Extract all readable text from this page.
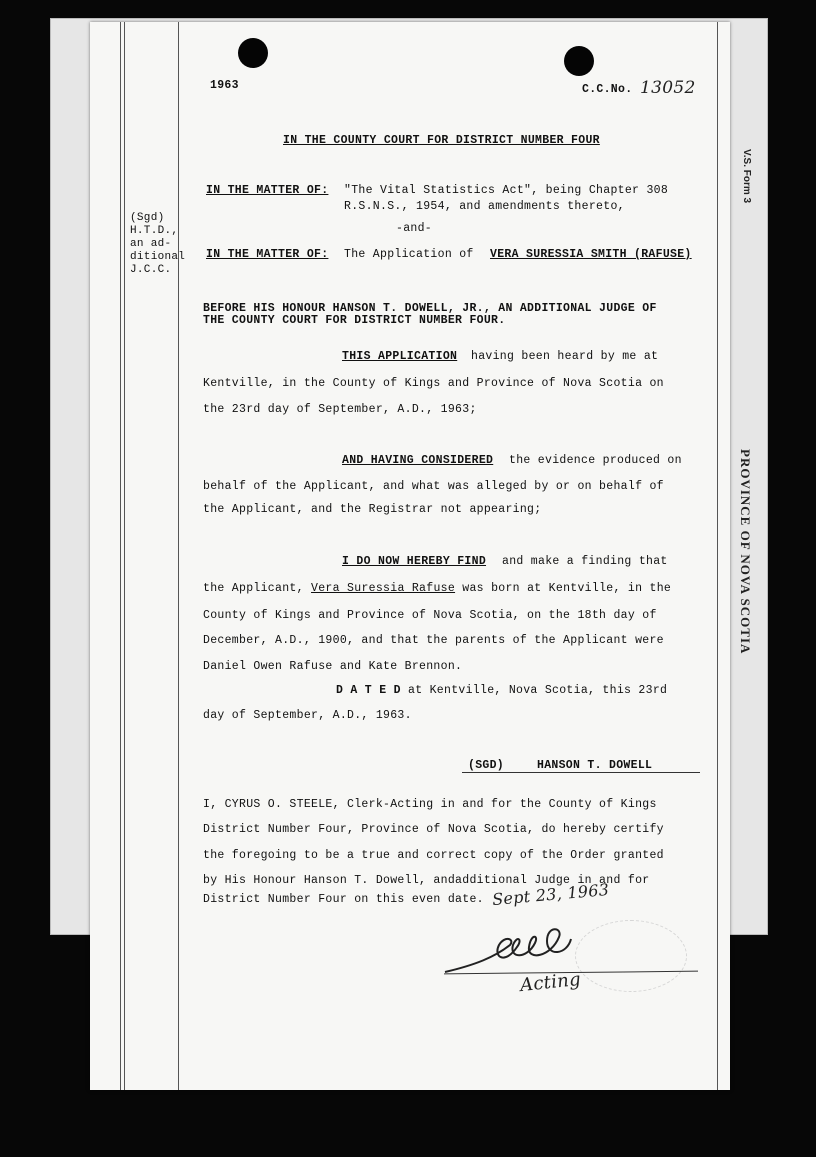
V.S. Form 3
PROVINCE OF NOVA SCOTIA
1963	C.C.No. 13052
IN THE COUNTY COURT FOR DISTRICT NUMBER FOUR
IN THE MATTER OF: "The Vital Statistics Act", being Chapter 308
R.S.N.S., 1954, and amendments thereto,
(Sgd)
H.T.D.,
an ad-
ditional
J.C.C.
-and-
IN THE MATTER OF: The Application of VERA SURESSIA SMITH (RAFUSE)
BEFORE HIS HONOUR HANSON T. DOWELL, JR., AN ADDITIONAL JUDGE OF
THE COUNTY COURT FOR DISTRICT NUMBER FOUR.
THIS APPLICATION having been heard by me at
Kentville, in the County of Kings and Province of Nova Scotia on
the 23rd day of September, A.D., 1963;
AND HAVING CONSIDERED the evidence produced on
behalf of the Applicant, and what was alleged by or on behalf of
the Applicant, and the Registrar not appearing;
I DO NOW HEREBY FIND and make a finding that
the Applicant, Vera Suressia Rafuse was born at Kentville, in the
County of Kings and Province of Nova Scotia, on the 18th day of
December, A.D., 1900, and that the parents of the Applicant were
Daniel Owen Rafuse and Kate Brennon.
D A T E D at Kentville, Nova Scotia, this 23rd
day of September, A.D., 1963.
(SGD)	HANSON T. DOWELL
I, CYRUS O. STEELE, Clerk-Acting in and for the County of Kings
District Number Four, Province of Nova Scotia, do hereby certify
the foregoing to be a true and correct copy of the Order granted
by His Honour Hanson T. Dowell, andadditional Judge in and for
District Number Four on this even date. Sept 23, 1963
Acting
